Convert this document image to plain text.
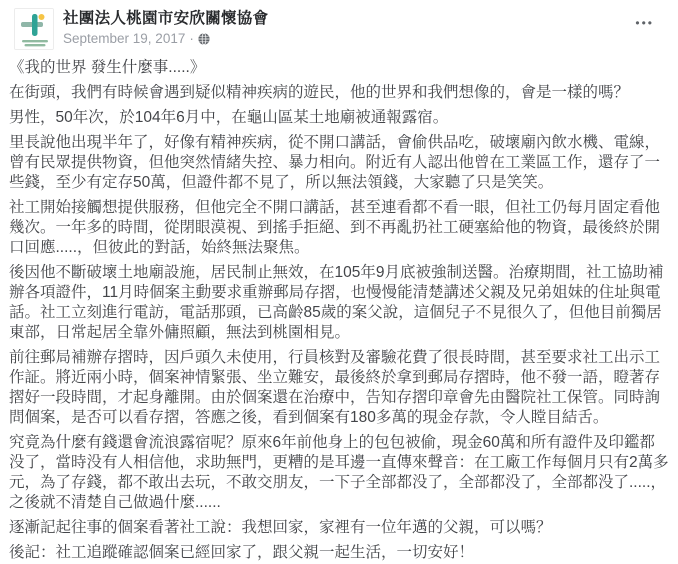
社團法人桃園市安欣關懷協會
September 19, 2017 ·
•••

《我的世界 發生什麼事.....》

在街頭，我們有時候會遇到疑似精神疾病的遊民，他的世界和我們想像的，會是一樣的嗎？

男性，50年次，於104年6月中，在龜山區某土地廟被通報露宿。

里長說他出現半年了，好像有精神疾病，從不開口講話，會偷供品吃，破壞廟內飲水機、電線，曾有民眾提供物資，但他突然情緒失控、暴力相向。附近有人認出他曾在工業區工作，還存了一些錢，至少有定存50萬，但證件都不見了，所以無法領錢，大家聽了只是笑笑。

社工開始接觸想提供服務，但他完全不開口講話，甚至連看都不看一眼，但社工仍每月固定看他幾次。一年多的時間，從閉眼漠視、到搖手拒絕、到不再亂扔社工硬塞給他的物資，最後終於開口回應.....，但彼此的對話，始終無法聚焦。

後因他不斷破壞土地廟設施，居民制止無效，在105年9月底被強制送醫。治療期間，社工協助補辦各項證件，11月時個案主動要求重辦郵局存摺，也慢慢能清楚講述父親及兄弟姐妹的住址與電話。社工立刻進行電訪，電話那頭，已高齡85歲的案父說，這個兒子不見很久了，但他目前獨居東部，日常起居全靠外傭照顧，無法到桃園相見。

前往郵局補辦存摺時，因戶頭久未使用，行員核對及審驗花費了很長時間，甚至要求社工出示工作証。將近兩小時，個案神情緊張、坐立難安，最後終於拿到郵局存摺時，他不發一語，瞪著存摺好一段時間，才起身離開。由於個案還在治療中，告知存摺印章會先由醫院社工保管。同時詢問個案，是否可以看存摺，答應之後，看到個案有180多萬的現金存款，令人瞠目結舌。

究竟為什麼有錢還會流浪露宿呢？原來6年前他身上的包包被偷，現金60萬和所有證件及印鑑都没了，當時没有人相信他，求助無門，更糟的是耳邊一直傳來聲音：在工廠工作每個月只有2萬多元，為了存錢，都不敢出去玩，不敢交朋友，一下子全部都没了，全部都没了，全部都没了.....，之後就不清楚自己做過什麼......

逐漸記起往事的個案看著社工說：我想回家，家裡有一位年邁的父親，可以嗎？

後記：社工追蹤確認個案已經回家了，跟父親一起生活，一切安好！
